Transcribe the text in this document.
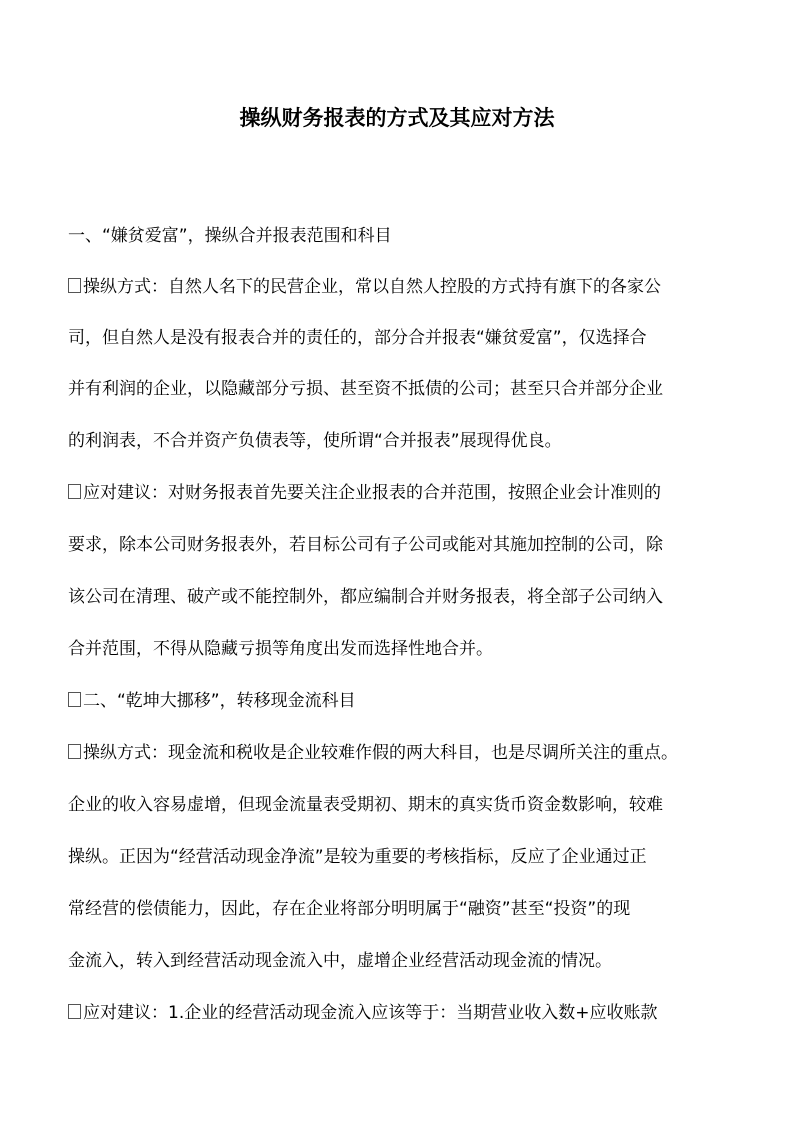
操纵财务报表的方式及其应对方法
一、“嫌贫爱富”，操纵合并报表范围和科目
操纵方式：自然人名下的民营企业，常以自然人控股的方式持有旗下的各家公
司，但自然人是没有报表合并的责任的，部分合并报表“嫌贫爱富”，仅选择合
并有利润的企业，以隐藏部分亏损、甚至资不抵债的公司；甚至只合并部分企业
的利润表，不合并资产负债表等，使所谓“合并报表”展现得优良。
应对建议：对财务报表首先要关注企业报表的合并范围，按照企业会计准则的
要求，除本公司财务报表外，若目标公司有子公司或能对其施加控制的公司，除
该公司在清理、破产或不能控制外，都应编制合并财务报表，将全部子公司纳入
合并范围，不得从隐藏亏损等角度出发而选择性地合并。
二、“乾坤大挪移”，转移现金流科目
操纵方式：现金流和税收是企业较难作假的两大科目，也是尽调所关注的重点。
企业的收入容易虚增，但现金流量表受期初、期末的真实货币资金数影响，较难
操纵。正因为“经营活动现金净流”是较为重要的考核指标，反应了企业通过正
常经营的偿债能力，因此，存在企业将部分明明属于“融资”甚至“投资”的现
金流入，转入到经营活动现金流入中，虚增企业经营活动现金流的情况。
应对建议：1.企业的经营活动现金流入应该等于：当期营业收入数+应收账款
